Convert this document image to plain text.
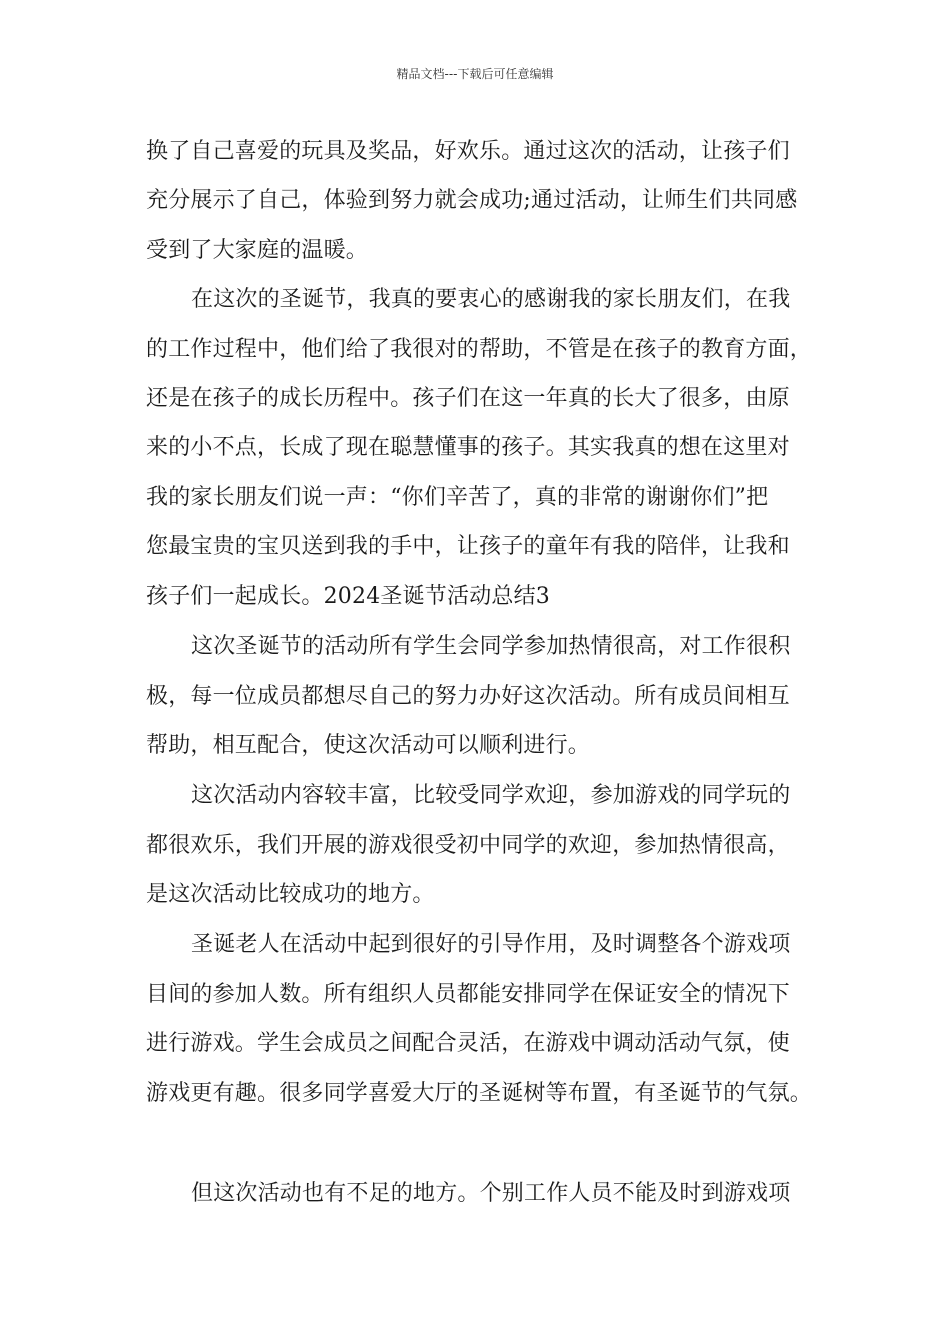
精品文档---下载后可任意编辑
换了自己喜爱的玩具及奖品，好欢乐。通过这次的活动，让孩子们
充分展示了自己，体验到努力就会成功;通过活动，让师生们共同感
受到了大家庭的温暖。
在这次的圣诞节，我真的要衷心的感谢我的家长朋友们，在我
的工作过程中，他们给了我很对的帮助，不管是在孩子的教育方面，
还是在孩子的成长历程中。孩子们在这一年真的长大了很多，由原
来的小不点，长成了现在聪慧懂事的孩子。其实我真的想在这里对
我的家长朋友们说一声：“你们辛苦了，真的非常的谢谢你们”把
您最宝贵的宝贝送到我的手中，让孩子的童年有我的陪伴，让我和
孩子们一起成长。2024圣诞节活动总结3
这次圣诞节的活动所有学生会同学参加热情很高，对工作很积
极，每一位成员都想尽自己的努力办好这次活动。所有成员间相互
帮助，相互配合，使这次活动可以顺利进行。
这次活动内容较丰富，比较受同学欢迎，参加游戏的同学玩的
都很欢乐，我们开展的游戏很受初中同学的欢迎，参加热情很高，
是这次活动比较成功的地方。
圣诞老人在活动中起到很好的引导作用，及时调整各个游戏项
目间的参加人数。所有组织人员都能安排同学在保证安全的情况下
进行游戏。学生会成员之间配合灵活，在游戏中调动活动气氛，使
游戏更有趣。很多同学喜爱大厅的圣诞树等布置，有圣诞节的气氛。
但这次活动也有不足的地方。个别工作人员不能及时到游戏项
